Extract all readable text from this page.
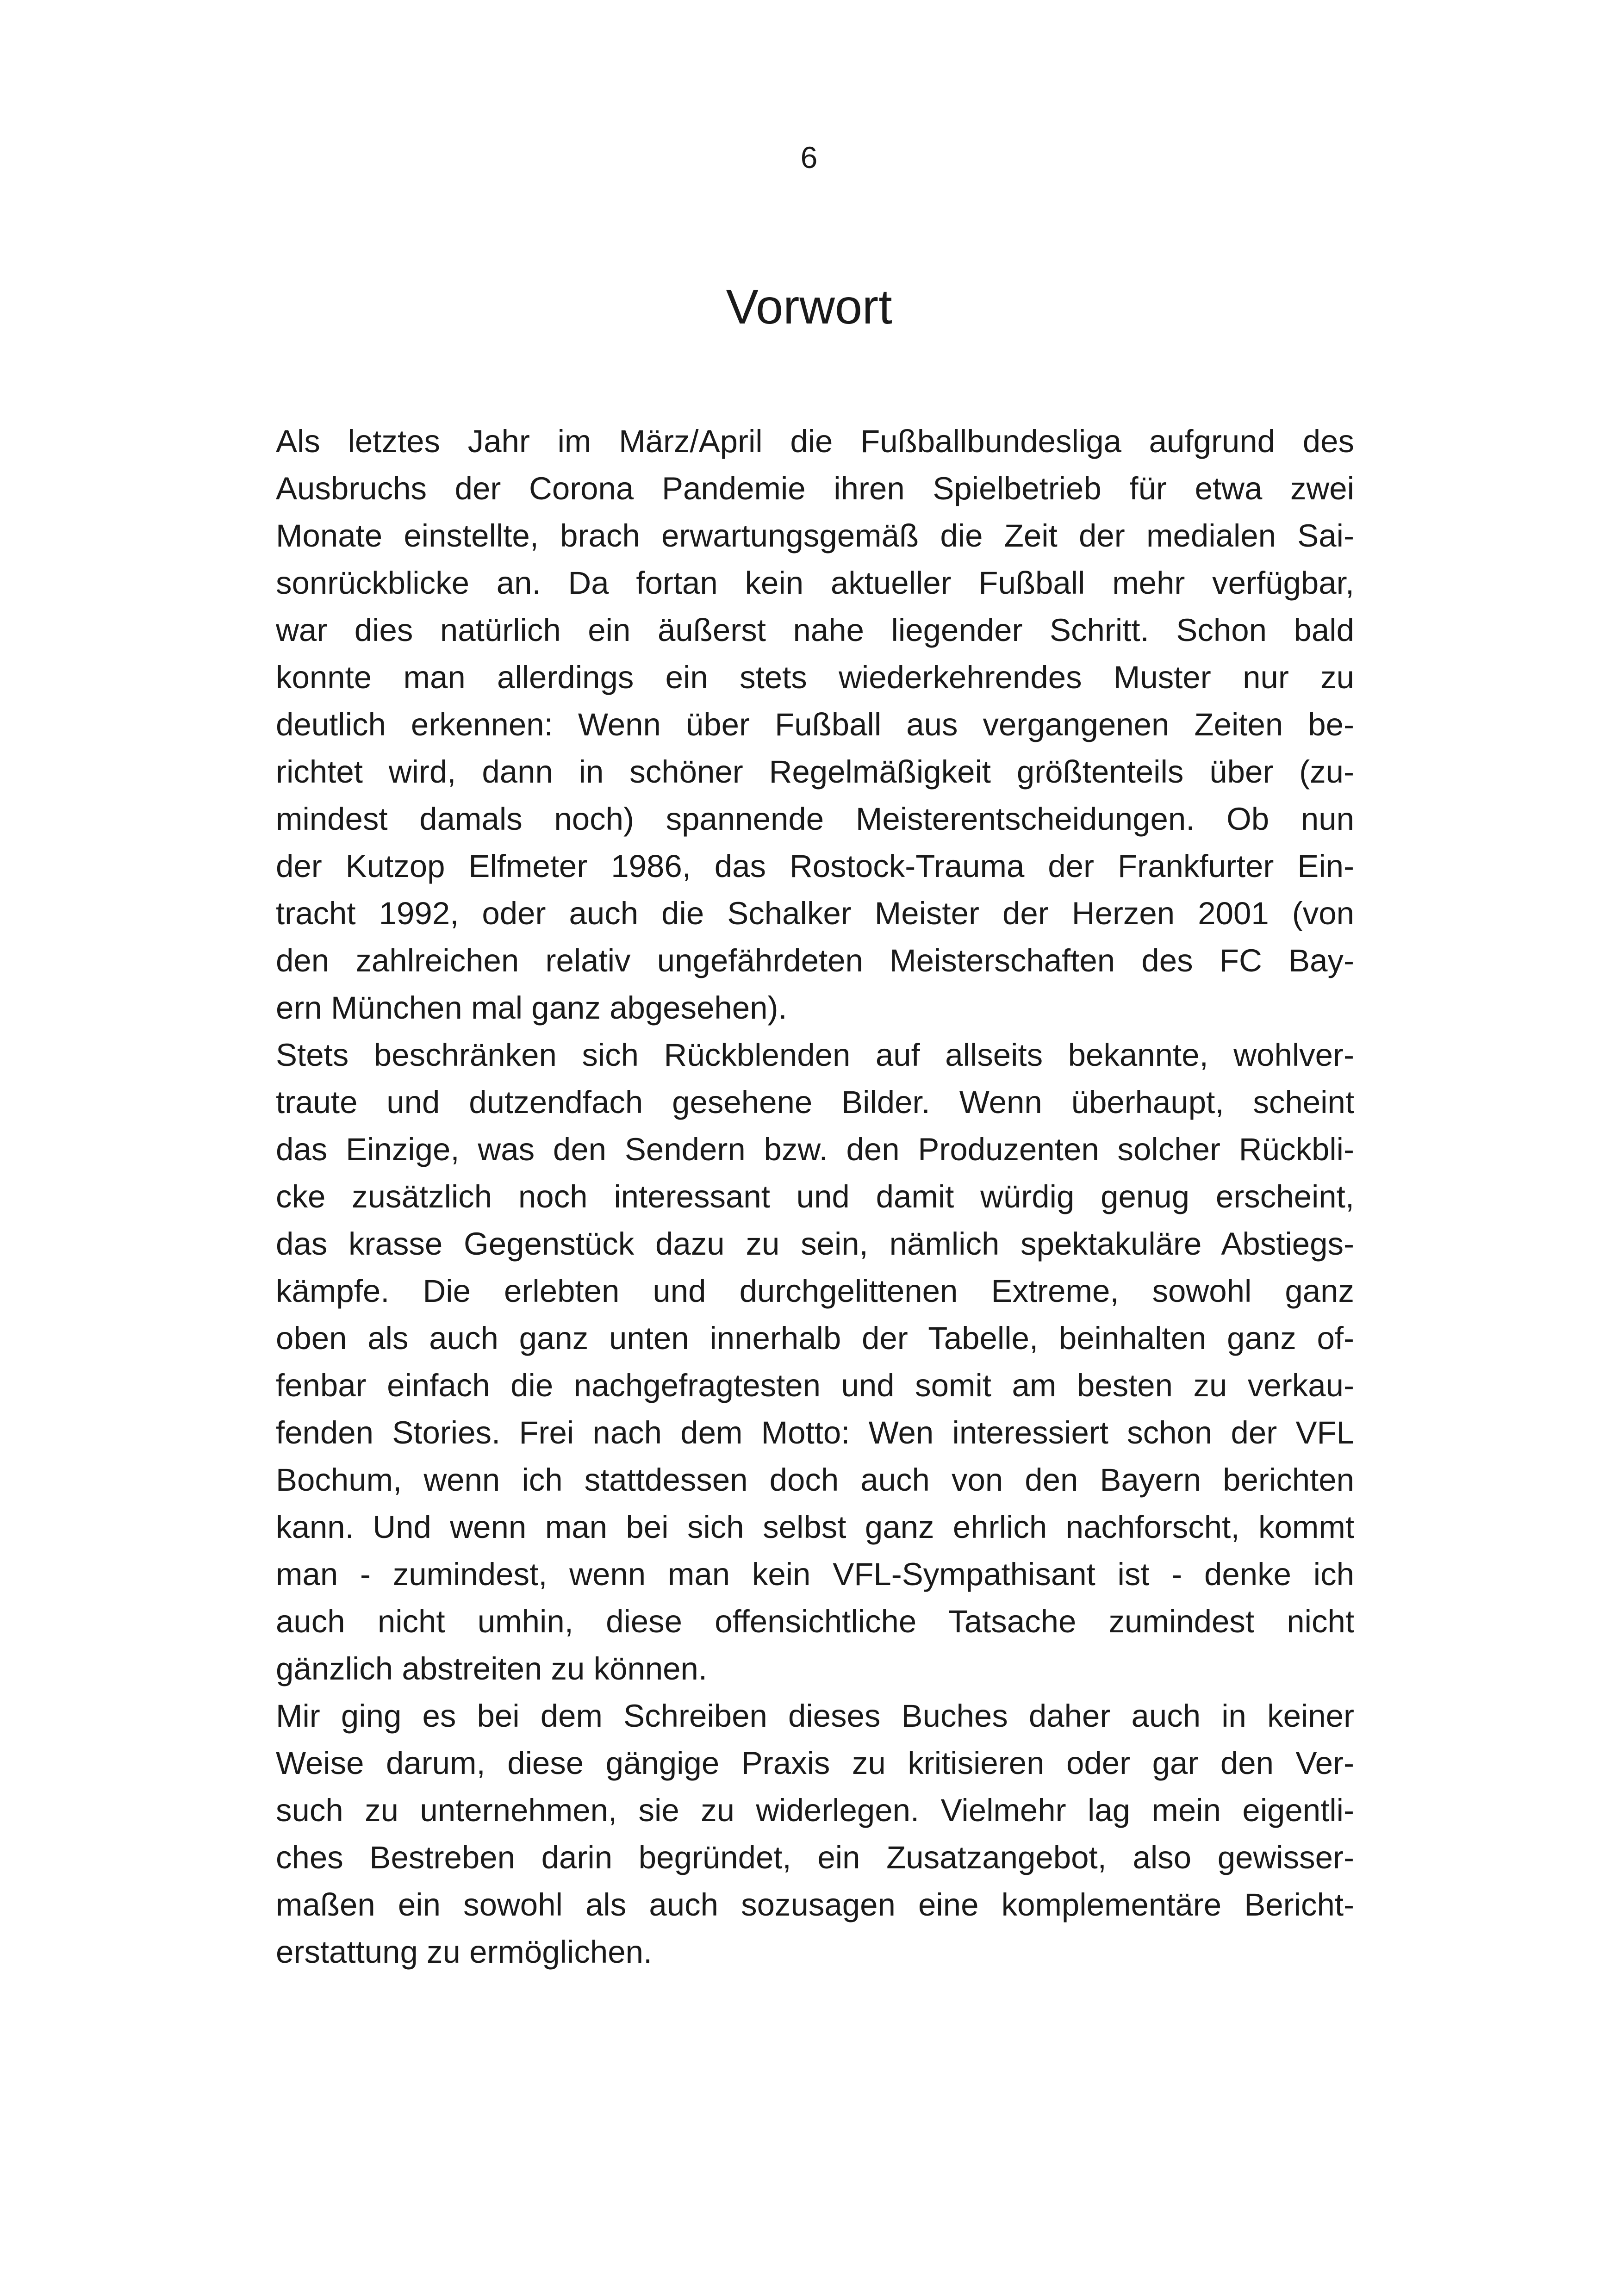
6
Vorwort
Als letztes Jahr im März/April die Fußballbundesliga aufgrund des
Ausbruchs der Corona Pandemie ihren Spielbetrieb für etwa zwei
Monate einstellte, brach erwartungsgemäß die Zeit der medialen Sai-
sonrückblicke an. Da fortan kein aktueller Fußball mehr verfügbar,
war dies natürlich ein äußerst nahe liegender Schritt. Schon bald
konnte man allerdings ein stets wiederkehrendes Muster nur zu
deutlich erkennen: Wenn über Fußball aus vergangenen Zeiten be-
richtet wird, dann in schöner Regelmäßigkeit größtenteils über (zu-
mindest damals noch) spannende Meisterentscheidungen. Ob nun
der Kutzop Elfmeter 1986, das Rostock-Trauma der Frankfurter Ein-
tracht 1992, oder auch die Schalker Meister der Herzen 2001 (von
den zahlreichen relativ ungefährdeten Meisterschaften des FC Bay-
ern München mal ganz abgesehen).
Stets beschränken sich Rückblenden auf allseits bekannte, wohlver-
traute und dutzendfach gesehene Bilder. Wenn überhaupt, scheint
das Einzige, was den Sendern bzw. den Produzenten solcher Rückbli-
cke zusätzlich noch interessant und damit würdig genug erscheint,
das krasse Gegenstück dazu zu sein, nämlich spektakuläre Abstiegs-
kämpfe. Die erlebten und durchgelittenen Extreme, sowohl ganz
oben als auch ganz unten innerhalb der Tabelle, beinhalten ganz of-
fenbar einfach die nachgefragtesten und somit am besten zu verkau-
fenden Stories. Frei nach dem Motto: Wen interessiert schon der VFL
Bochum, wenn ich stattdessen doch auch von den Bayern berichten
kann. Und wenn man bei sich selbst ganz ehrlich nachforscht, kommt
man - zumindest, wenn man kein VFL-Sympathisant ist - denke ich
auch nicht umhin, diese offensichtliche Tatsache zumindest nicht
gänzlich abstreiten zu können.
Mir ging es bei dem Schreiben dieses Buches daher auch in keiner
Weise darum, diese gängige Praxis zu kritisieren oder gar den Ver-
such zu unternehmen, sie zu widerlegen. Vielmehr lag mein eigentli-
ches Bestreben darin begründet, ein Zusatzangebot, also gewisser-
maßen ein sowohl als auch sozusagen eine komplementäre Bericht-
erstattung zu ermöglichen.
